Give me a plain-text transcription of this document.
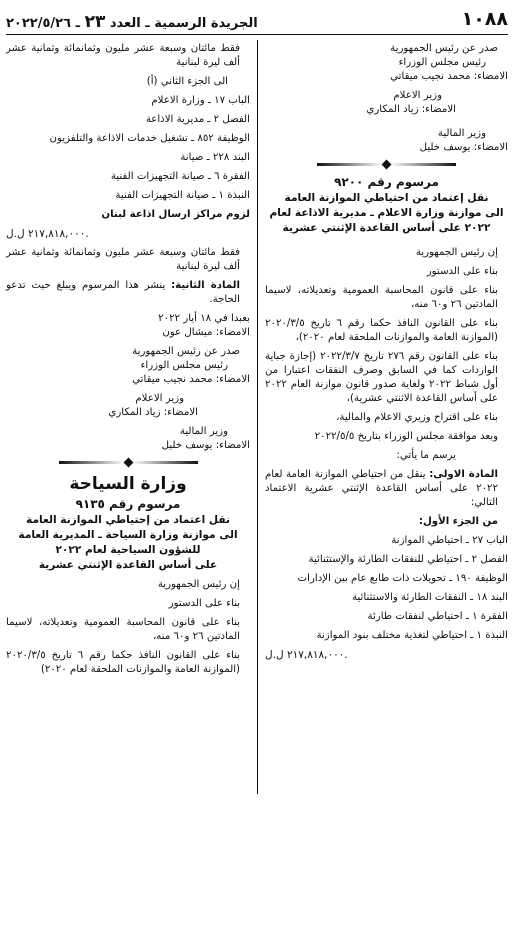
١٠٨٨
الجريدة الرسمية ـ العدد ٢٣ ـ ٢٠٢٢/٥/٢٦

صدر عن رئيس الجمهورية

رئيس مجلس الوزراء

الامضاء: محمد نجيب ميقاتي

وزير الاعلام

الامضاء: زياد المكاري

وزير المالية

الامضاء: يوسف خليل

مرسوم رقم ٩٢٠٠

نقل إعتماد من احتياطي الموازنة العامة

الى موازنة وزارة الاعلام ـ مديرية الاذاعة لعام

٢٠٢٢ على أساس القاعدة الإثنتي عشرية

إن رئيس الجمهورية

بناء على الدستور

بناء على قانون المحاسبة العمومية وتعديلاته، لاسيما المادتين ٢٦ و٦٠ منه،

بناء على القانون النافذ حكما رقم ٦ تاريخ ٢٠٢٠/٣/٥ (الموازنة العامة والموازنات الملحقة لعام ٢٠٢٠)،

بناء على القانون رقم ٢٧٦ تاريخ ٢٠٢٢/٣/٧ (إجازة جباية الواردات كما في السابق وصرف النفقات اعتبارا من أول شباط ٢٠٢٢ ولغاية صدور قانون موازنة العام ٢٠٢٢ على أساس القاعدة الاثنتي عشرية)،

بناء على اقتراح وزيري الاعلام والمالية،

وبعد موافقة مجلس الوزراء بتاريخ ٢٠٢٢/٥/٥

يرسم ما يأتي:

المادة الاولى: ينقل من احتياطي الموازنة العامة لعام ٢٠٢٢ على أساس القاعدة الإثنتي عشرية الاعتماد التالي:

من الجزء الأول:

الباب ٢٧ ـ احتياطي الموازنة

الفصل ٢ ـ احتياطي للنفقات الطارئة والإستثنائية

الوظيفة ١٩٠ ـ تحويلات ذات طابع عام بين الإدارات

البند ١٨ ـ النفقات الطارئة والاستثنائية

الفقرة ١ ـ احتياطي لنفقات طارئة

النبذة ١ ـ احتياطي لتغذية مختلف بنود الموازنة

٢١٧,٨١٨,٠٠٠ ل.ل.

فقط مائتان وسبعة عشر مليون وثمانمائة وثمانية عشر ألف ليرة لبنانية

الى الجزء الثاني (أ)

الباب ١٧ ـ وزارة الاعلام

الفصل ٢ ـ مديرية الاذاعة

الوظيفة ٨٥٢ ـ تشغيل خدمات الاذاعة والتلفزيون

البند ٢٢٨ ـ صيانة

الفقرة ٦ ـ صيانة التجهيزات الفنية

النبذة ١ ـ صيانة التجهيزات الفنية

لزوم مراكز ارسال اذاعة لبنان

٢١٧,٨١٨,٠٠٠ ل.ل.

فقط مائتان وسبعة عشر مليون وثمانمائة وثمانية عشر ألف ليرة لبنانية

المادة الثانية: ينشر هذا المرسوم ويبلغ حيث تدعو الحاجة.

بعبدا في ١٨ أيار ٢٠٢٢

الامضاء: ميشال عون

صدر عن رئيس الجمهورية

رئيس مجلس الوزراء

الامضاء: محمد نجيب ميقاتي

وزير الاعلام

الامضاء: زياد المكاري

وزير المالية

الامضاء: يوسف خليل

وزارة السياحة

مرسوم رقم ٩١٣٥

نقل اعتماد من إحتياطي الموازنة العامة

الى موازنة وزارة السياحة ـ المديرية العامة

للشؤون السياحية لعام ٢٠٢٢

على أساس القاعدة الإثنتي عشرية

إن رئيس الجمهورية

بناء على الدستور

بناء على قانون المحاسبة العمومية وتعديلاته، لاسيما المادتين ٢٦ و٦٠ منه،

بناء على القانون النافذ حكما رقم ٦ تاريخ ٢٠٢٠/٣/٥ (الموازنة العامة والموازنات الملحقة لعام ٢٠٢٠)
